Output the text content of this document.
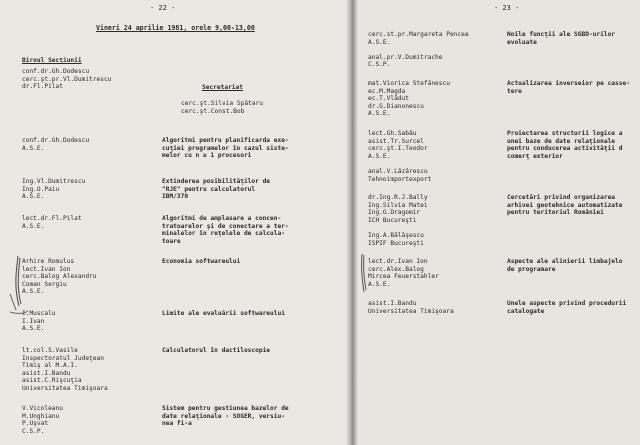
- 22 -
Vineri 24 aprilie 1981, orele 9,00-13,00
Biroul Secţiunii
conf.dr.Gh.Dodescu
cerc.şt.pr.Vl.Dumitrescu
dr.Fl.Pilat	Secretariat
cerc.şt.Silvia Spătaru
cerc.şt.Const.Bob
conf.dr.Gh.Dodescu
A.S.E.
Algoritmi pentru planificarda exe-
cuţiei programelor în cazul siste-
melor cu n ≥ 1 procesori
Ing.Vl.Dumitrescu
Ing.O.Paiu
A.S.E.
Extinderea posibilităţilor de
"RJE" pentru calculatorul
IBM/370
lect.dr.Fl.Pilat
A.S.E.
Algoritmi de amplasare a concen-
tratoarelor şi de conectare a ter-
minalelor în reţelele de calcula-
toare
Arhire Romulus
lect.Ivan Ion
cerc.Balog Alexandru
Coman Sergiu
A.S.E.
Economia softwareului
I.Muscalu
I.Ivan
A.S.E.
Limite ale evaluării softwareului
lt.col.S.Vasile
Inspectoratul Judeţean
Timiş al M.A.I.
asist.I.Bandu
asist.C.Rişcuţia
Universitatea Timişoara
Calculatorul în dactiloscopie
V.Vicoleanu
M.Unghianu
P.Uşvat
C.S.P.
Sistem pentru gestiunea bazelor de
date relaţionale - SOGER, versiu-
nea fi-a
- 23 -
cerc.st.pr.Margareta Pencea
A.S.E.

anal.pr.V.Dumitrache
C.S.P.
Noile funcţii ale SGBD-urilor
evoluate
mat.Viorica Stefănescu
ec.M.Magda
ec.T.Vlădut
dr.G.Dianonescu
A.S.E.
Actualizarea inverseior pe casse-
tere
lect.Gh.Sabău
asist.Tr.Surcel
cerc.şt.I.Teodor
A.S.E.

anal.V.Lăzărescu
Tehnoimportexport
Proiectarea structurii logice a
unei baze de date relaţionale
pentru conducerea activităţii d
comerţ exterior
dr.Ing.R.J.Bally
Ing.Silvia Matei
Ing.G.Dragomir
ICH Bucureşti

Ing.A.Bălăşescu
ISPIF Bucureşti
Cercetări privind organizarea
arhivei geotehnice automatizate
pentru teritoriul României
lect.dr.Ivan Ion
cerc.Alex.Balog
Mircea Feuerstahler
A.S.E.
Aspecte ale alinierii limbajelo
de programare
asist.I.Bandu
Universitatea Timişoara
Unele aspecte privind procedurii
catalogate
